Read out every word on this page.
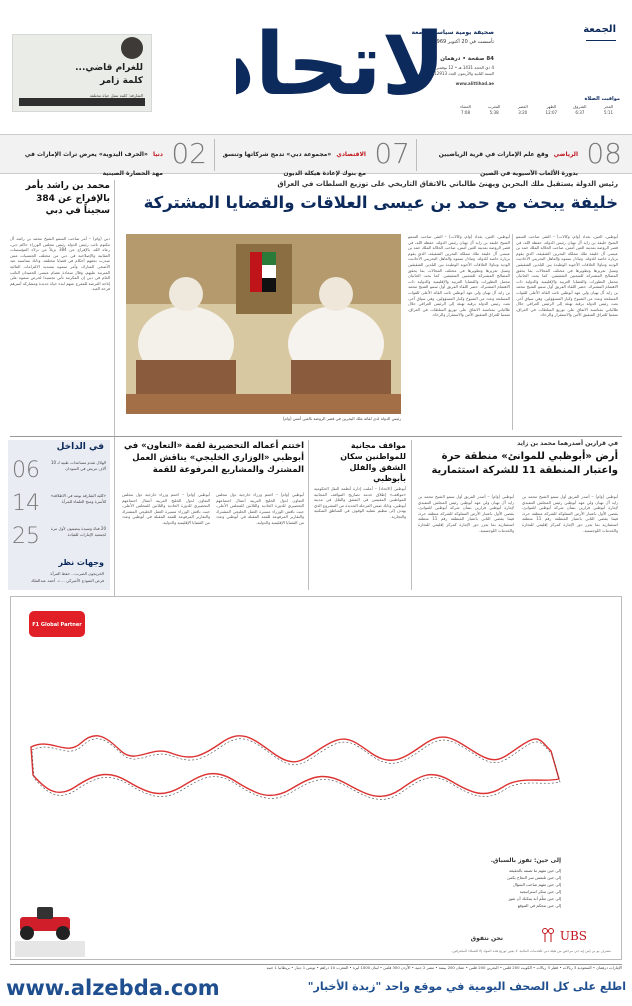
الجمعة
صحيفة يومية سياسية جامعة
تأسست في 20 أكتوبر 1969
84 صفحة • درهمان
4 ذي الحجة 1431 هـ • 12 نوفمبر 2010م
السنة الثانية والأربعون العدد 12913
www.alittihad.ae
لاتحا
للغرام قاضي...
كلمة زامر
الشارقة: كلمة تمثل حياة مختلفة
مواقيت الصلاة
الفجر
5:11
الشروق
6:37
الظهر
12:07
العصر
3:20
المغرب
5:38
العشاء
7:08
08
الرياضي وقع علم الإمارات في قرية الرياضيين بدورة الألعاب الآسيوية في الصين
07
الاقتصادي «مجموعة دبي» تدمج شركاتها وتنسق مع بنوك لإعادة هيكلة الديون
02
دنيا «الحرف اليدوية» يعرض تراث الإمارات في مهد الحضارة الصينية
رئيس الدولة يستقبل ملك البحرين ويهنئ طالباني بالاتفاق التاريخي على توزيع السلطات في العراق
خليفة يبحث مع حمد بن عيسى العلاقات والقضايا المشتركة
رئيس الدولة لدى لقائه ملك البحرين في قصر الروضة بالعين أمس (وام)
أبوظبي، العين، بغداد (وام، وكالات) – التقى صاحب السمو الشيخ خليفة بن زايد آل نهيان رئيس الدولة، حفظه الله، في قصر الروضة بمدينة العين أمس، صاحب الجلالة الملك حمد بن عيسى آل خليفة ملك مملكة البحرين الشقيقة، الذي يقوم بزيارة خاصة للدولة. وتبادل سموه والعاهل البحريني الأحاديث الودية وتناولا العلاقات الأخوية الوطيدة بين البلدين الشقيقين وسبل تعزيزها وتطويرها في مختلف المجالات بما يحقق المصالح المشتركة للشعبين الشقيقين. كما بحث الجانبان مجمل التطورات والقضايا العربية والإقليمية والدولية ذات الاهتمام المشترك. حضر اللقاء الفريق أول سمو الشيخ محمد بن زايد آل نهيان ولي عهد أبوظبي نائب القائد الأعلى للقوات المسلحة وعدد من الشيوخ وكبار المسؤولين. وفي سياق آخر، بعث رئيس الدولة برقية تهنئة إلى الرئيس العراقي جلال طالباني بمناسبة الاتفاق على توزيع السلطات في العراق، متمنيا للعراق الشقيق الأمن والاستقرار والرخاء.
أبوظبي، العين، بغداد (وام، وكالات) – التقى صاحب السمو الشيخ خليفة بن زايد آل نهيان رئيس الدولة، حفظه الله، في قصر الروضة بمدينة العين أمس، صاحب الجلالة الملك حمد بن عيسى آل خليفة ملك مملكة البحرين الشقيقة، الذي يقوم بزيارة خاصة للدولة. وتبادل سموه والعاهل البحريني الأحاديث الودية وتناولا العلاقات الأخوية الوطيدة بين البلدين الشقيقين وسبل تعزيزها وتطويرها في مختلف المجالات بما يحقق المصالح المشتركة للشعبين الشقيقين. كما بحث الجانبان مجمل التطورات والقضايا العربية والإقليمية والدولية ذات الاهتمام المشترك. حضر اللقاء الفريق أول سمو الشيخ محمد بن زايد آل نهيان ولي عهد أبوظبي نائب القائد الأعلى للقوات المسلحة وعدد من الشيوخ وكبار المسؤولين. وفي سياق آخر، بعث رئيس الدولة برقية تهنئة إلى الرئيس العراقي جلال طالباني بمناسبة الاتفاق على توزيع السلطات في العراق، متمنيا للعراق الشقيق الأمن والاستقرار والرخاء.
محمد بن راشد يأمر بالإفراج عن 384 سجيناً في دبي
دبي (وام) – أمر صاحب السمو الشيخ محمد بن راشد آل مكتوم نائب رئيس الدولة رئيس مجلس الوزراء حاكم دبي، رعاه الله، بالإفراج عن 384 نزيلاً من نزلاء المؤسسات العقابية والإصلاحية في دبي من مختلف الجنسيات ممن صدرت بحقهم أحكام في قضايا مختلفة، وذلك بمناسبة عيد الأضحى المبارك، وأمر سموه بتسديد الالتزامات المالية المترتبة عليهم، وقال سعادة عصام عيسى الحميدان النائب العام في دبي إن المكرمة تأتي تجسيدا لحرص سموه على إتاحة الفرصة للمفرج عنهم لبدء حياة جديدة ومشاركة أسرهم فرحة العيد.
في الداخل
06	الهلال تقدم مساعدات طبية لـ 10 آلاف مريض في السودان
14	«كلية الشارقة يومه في الاطلاقة» للأسرة ومنح العلماء للمرأة
25	20 فتاة وسيدة ينضمون لأول مرة لجمعية الإمارات للقيادة
وجهات نظر
الخريجون الصرب... حفظ المرأة
فرض النموذج الأميركي ... د. أحمد عبدالملك
في قرارين أصدرهما محمد بن زايد
أرض «أبوظبي للموانئ» منطقة حرة واعتبار المنطقة 11 للشركة استثمارية
أبوظبي (وام) – أصدر الفريق أول سمو الشيخ محمد بن زايد آل نهيان ولي عهد أبوظبي رئيس المجلس التنفيذي لإمارة أبوظبي قرارين بشأن شركة أبوظبي للموانئ، يقضي الأول باعتبار الأرض المملوكة للشركة منطقة حرة، فيما يقضي الثاني باعتبار المنطقة رقم 11 منطقة استثمارية بما يعزز دور الإمارة كمركز إقليمي للتجارة والخدمات اللوجستية.
أبوظبي (وام) – أصدر الفريق أول سمو الشيخ محمد بن زايد آل نهيان ولي عهد أبوظبي رئيس المجلس التنفيذي لإمارة أبوظبي قرارين بشأن شركة أبوظبي للموانئ، يقضي الأول باعتبار الأرض المملوكة للشركة منطقة حرة، فيما يقضي الثاني باعتبار المنطقة رقم 11 منطقة استثمارية بما يعزز دور الإمارة كمركز إقليمي للتجارة والخدمات اللوجستية.
مواقف مجانية للمواطنين سكان الشقق والفلل بأبوظبي
أبوظبي (الاتحاد) – أعلنت إدارة أنظمة النقل الحكومية «مواقف» إطلاق خدمة تصاريح المواقف المجانية للمواطنين المقيمين في الشقق والفلل في مدينة أبوظبي، وذلك ضمن المرحلة الجديدة من المشروع الذي يهدف إلى تنظيم عملية الوقوف في المناطق السكنية والتجارية.
اختتم أعماله التحضيرية لقمة «التعاون» في أبوظبي «الوزاري الخليجي» يناقش العمل المشترك والمشاريع المرفوعة للقمة
أبوظبي (وام) – اختتم وزراء خارجية دول مجلس التعاون لدول الخليج العربية أعمال اجتماعهم التحضيري للدورة الحادية والثلاثين للمجلس الأعلى، حيث ناقش الوزراء مسيرة العمل الخليجي المشترك والتقارير المرفوعة للقمة المقبلة في أبوظبي وعدد من القضايا الإقليمية والدولية.
أبوظبي (وام) – اختتم وزراء خارجية دول مجلس التعاون لدول الخليج العربية أعمال اجتماعهم التحضيري للدورة الحادية والثلاثين للمجلس الأعلى، حيث ناقش الوزراء مسيرة العمل الخليجي المشترك والتقارير المرفوعة للقمة المقبلة في أبوظبي وعدد من القضايا الإقليمية والدولية.
F1 Global Partner
إلى حين: تفوز بالسباق.
إلى حين تفهم ما تصفه بالحقيقة
إلى حين تلتمس سر النجاح يكمن
إلى حين تفهم صاحب السؤال
إلى حين تبتكر استراتيجية
إلى حين تعلّم أنه يمكنك أن تفوز
إلى حين تتحكم في الموقع
نحن نتفوق	UBS
مصرف يو بي إس إيه جي مرخص من هيئة دبي للخدمات المالية. لا يجوز توزيع هذه المواد إلا للعملاء المحترفين.
الإمارات درهمان • السعودية 3 ريالات • قطر 3 ريالات • الكويت 200 فلس • البحرين 200 فلس • عمان 200 بيسة • مصر 2 جنيه • الأردن 300 فلس • لبنان 1000 ليرة • المغرب 10 دراهم • تونس 1 دينار • بريطانيا 1 جنيه
www.alzebda.com	اطلع على كل الصحف اليومية في موقع واحد "زبدة الأخبار"
